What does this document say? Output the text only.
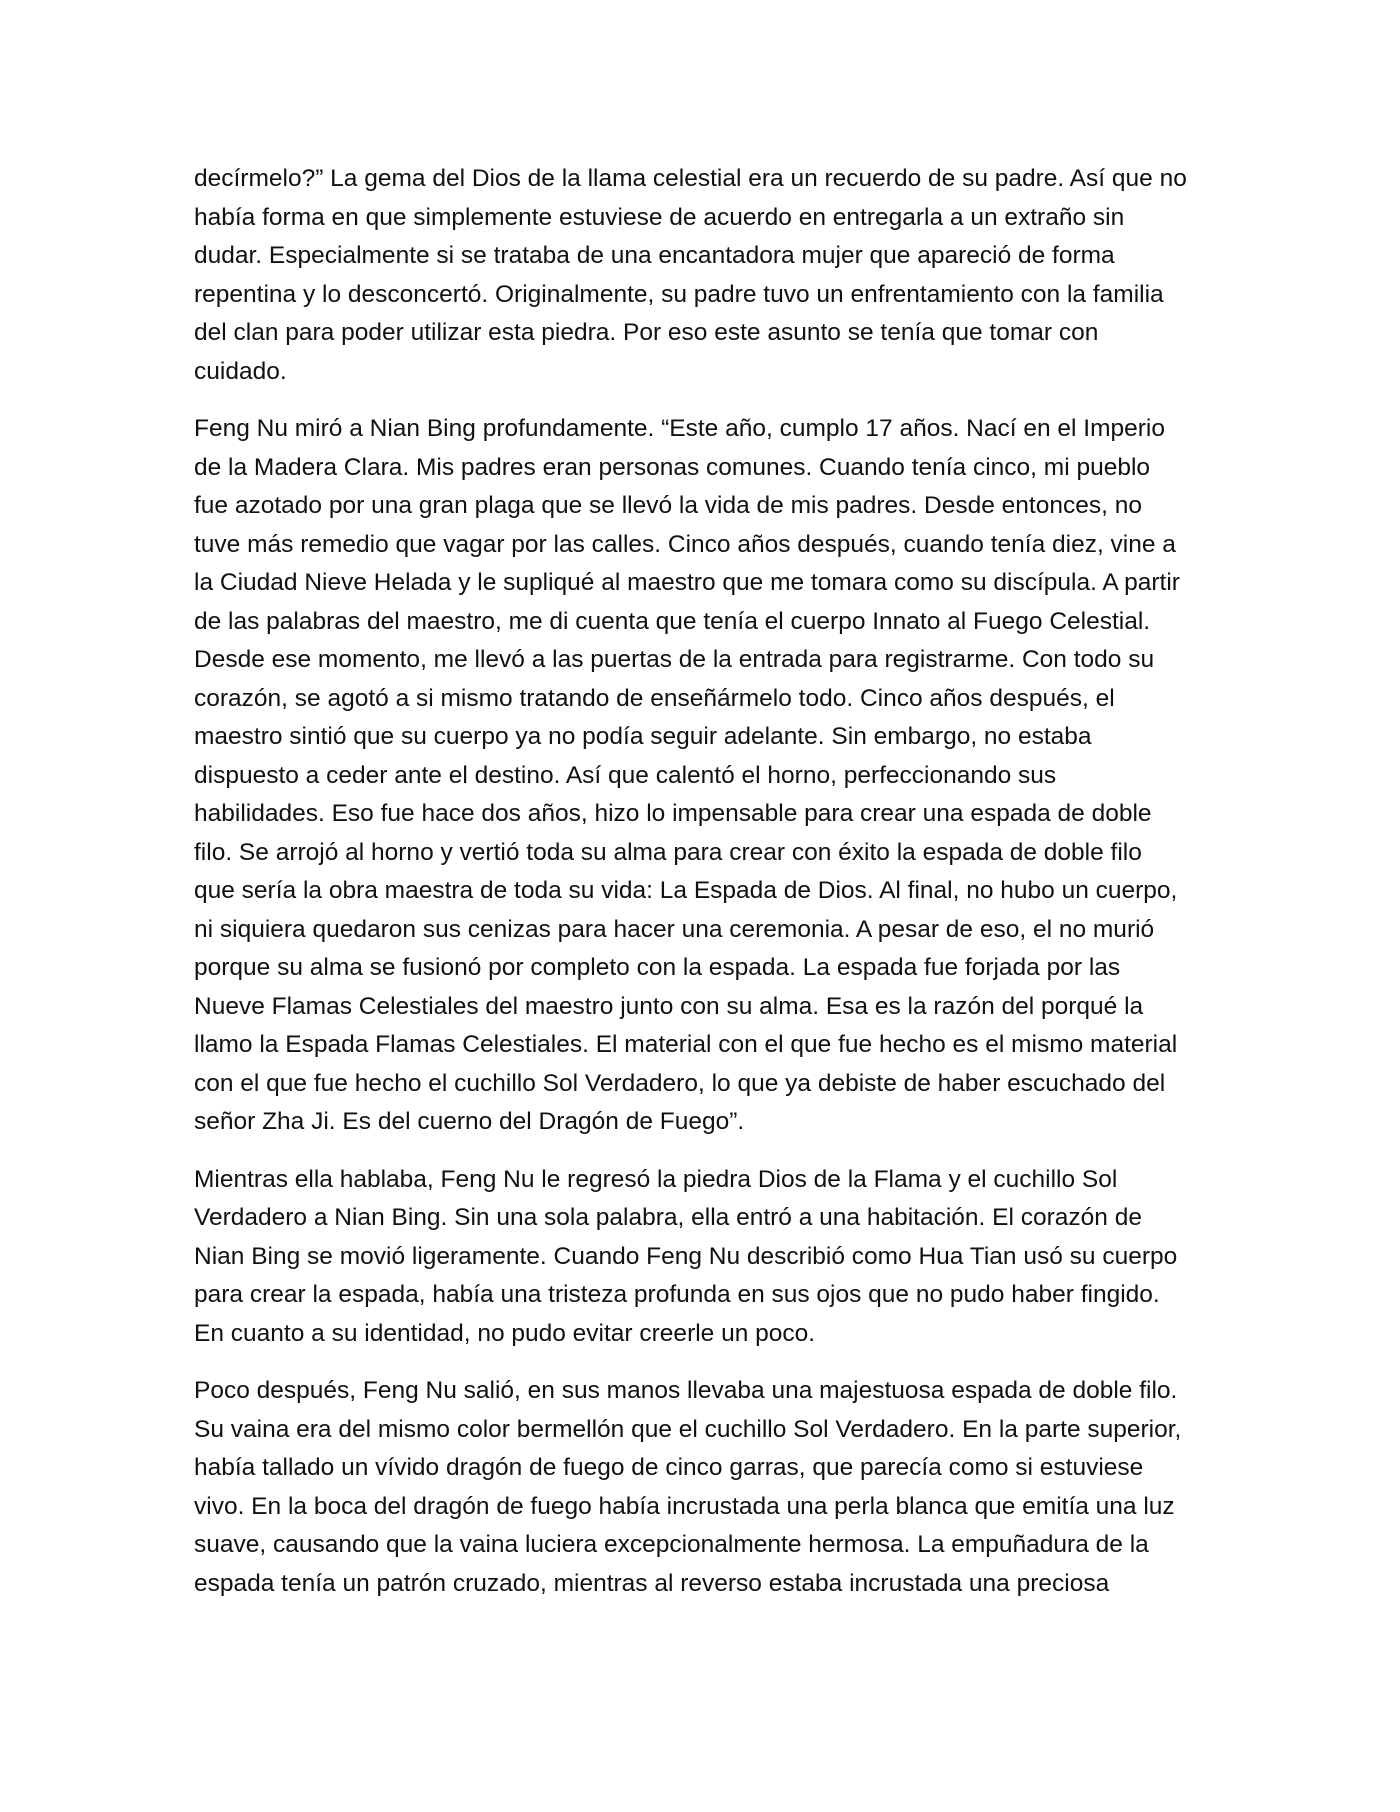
decírmelo?” La gema del Dios de la llama celestial era un recuerdo de su padre. Así que no
había forma en que simplemente estuviese de acuerdo en entregarla a un extraño sin
dudar. Especialmente si se trataba de una encantadora mujer que apareció de forma
repentina y lo desconcertó. Originalmente, su padre tuvo un enfrentamiento con la familia
del clan para poder utilizar esta piedra. Por eso este asunto se tenía que tomar con
cuidado.

Feng Nu miró a Nian Bing profundamente. “Este año, cumplo 17 años. Nací en el Imperio
de la Madera Clara. Mis padres eran personas comunes. Cuando tenía cinco, mi pueblo
fue azotado por una gran plaga que se llevó la vida de mis padres. Desde entonces, no
tuve más remedio que vagar por las calles. Cinco años después, cuando tenía diez, vine a
la Ciudad Nieve Helada y le supliqué al maestro que me tomara como su discípula. A partir
de las palabras del maestro, me di cuenta que tenía el cuerpo Innato al Fuego Celestial.
Desde ese momento, me llevó a las puertas de la entrada para registrarme. Con todo su
corazón, se agotó a si mismo tratando de enseñármelo todo. Cinco años después, el
maestro sintió que su cuerpo ya no podía seguir adelante. Sin embargo, no estaba
dispuesto a ceder ante el destino. Así que calentó el horno, perfeccionando sus
habilidades. Eso fue hace dos años, hizo lo impensable para crear una espada de doble
filo. Se arrojó al horno y vertió toda su alma para crear con éxito la espada de doble filo
que sería la obra maestra de toda su vida: La Espada de Dios. Al final, no hubo un cuerpo,
ni siquiera quedaron sus cenizas para hacer una ceremonia. A pesar de eso, el no murió
porque su alma se fusionó por completo con la espada. La espada fue forjada por las
Nueve Flamas Celestiales del maestro junto con su alma. Esa es la razón del porqué la
llamo la Espada Flamas Celestiales. El material con el que fue hecho es el mismo material
con el que fue hecho el cuchillo Sol Verdadero, lo que ya debiste de haber escuchado del
señor Zha Ji. Es del cuerno del Dragón de Fuego”.

Mientras ella hablaba, Feng Nu le regresó la piedra Dios de la Flama y el cuchillo Sol
Verdadero a Nian Bing. Sin una sola palabra, ella entró a una habitación. El corazón de
Nian Bing se movió ligeramente. Cuando Feng Nu describió como Hua Tian usó su cuerpo
para crear la espada, había una tristeza profunda en sus ojos que no pudo haber fingido.
En cuanto a su identidad, no pudo evitar creerle un poco.

Poco después, Feng Nu salió, en sus manos llevaba una majestuosa espada de doble filo.
Su vaina era del mismo color bermellón que el cuchillo Sol Verdadero. En la parte superior,
había tallado un vívido dragón de fuego de cinco garras, que parecía como si estuviese
vivo. En la boca del dragón de fuego había incrustada una perla blanca que emitía una luz
suave, causando que la vaina luciera excepcionalmente hermosa. La empuñadura de la
espada tenía un patrón cruzado, mientras al reverso estaba incrustada una preciosa
